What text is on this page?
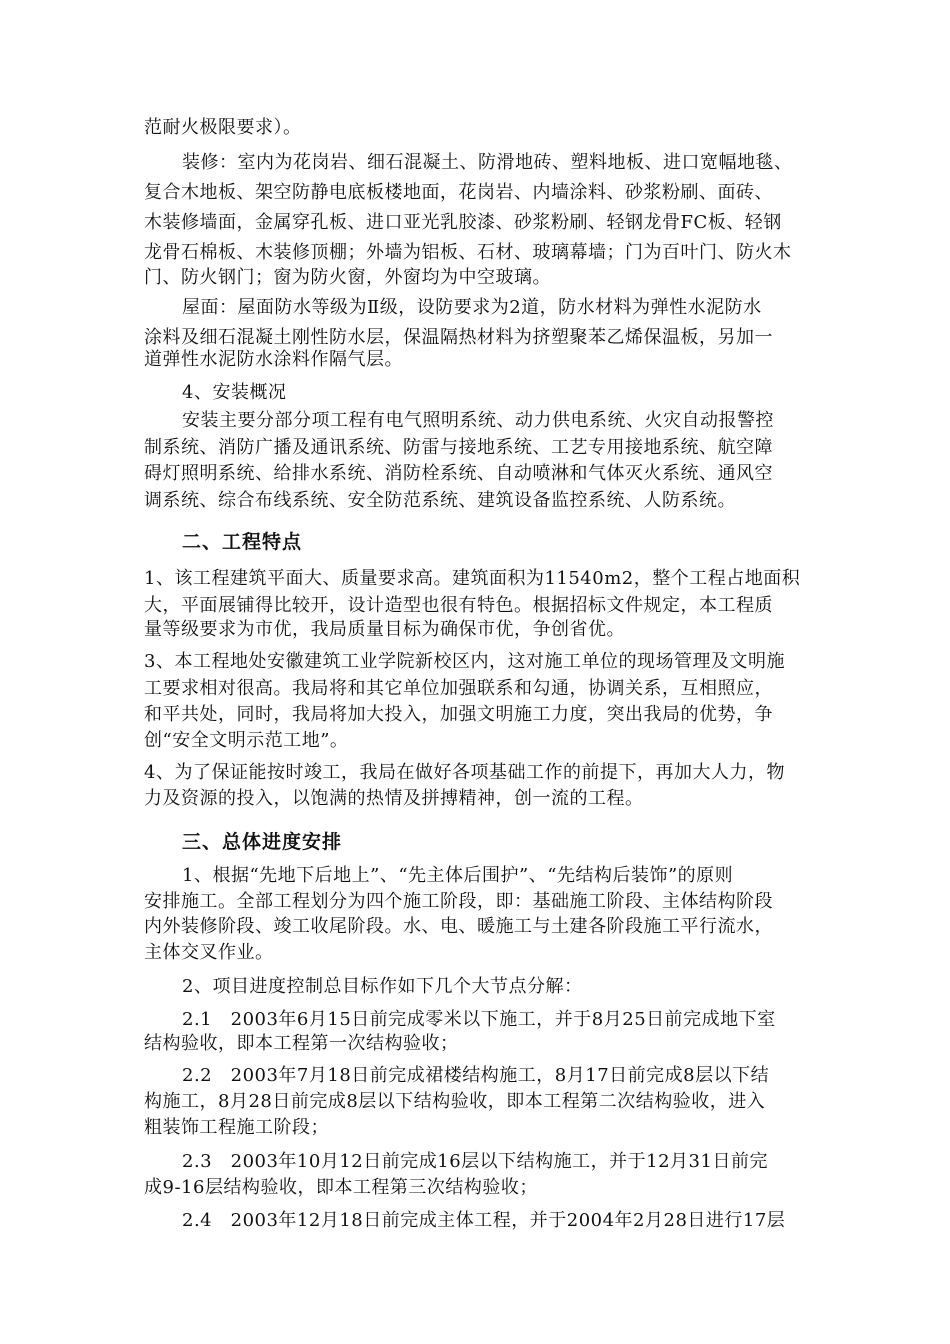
范耐火极限要求）。
装修：室内为花岗岩、细石混凝土、防滑地砖、塑料地板、进口宽幅地毯、
复合木地板、架空防静电底板楼地面，花岗岩、内墙涂料、砂浆粉刷、面砖、
木装修墙面，金属穿孔板、进口亚光乳胶漆、砂浆粉刷、轻钢龙骨FC板、轻钢
龙骨石棉板、木装修顶棚；外墙为铝板、石材、玻璃幕墙；门为百叶门、防火木
门、防火钢门；窗为防火窗，外窗均为中空玻璃。
屋面：屋面防水等级为Ⅱ级，设防要求为2道，防水材料为弹性水泥防水
涂料及细石混凝土刚性防水层，保温隔热材料为挤塑聚苯乙烯保温板，另加一
道弹性水泥防水涂料作隔气层。
4、安装概况
安装主要分部分项工程有电气照明系统、动力供电系统、火灾自动报警控
制系统、消防广播及通讯系统、防雷与接地系统、工艺专用接地系统、航空障
碍灯照明系统、给排水系统、消防栓系统、自动喷淋和气体灭火系统、通风空
调系统、综合布线系统、安全防范系统、建筑设备监控系统、人防系统。
二、工程特点
1、该工程建筑平面大、质量要求高。建筑面积为11540m2，整个工程占地面积
大，平面展铺得比较开，设计造型也很有特色。根据招标文件规定，本工程质
量等级要求为市优，我局质量目标为确保市优，争创省优。
3、本工程地处安徽建筑工业学院新校区内，这对施工单位的现场管理及文明施
工要求相对很高。我局将和其它单位加强联系和勾通，协调关系，互相照应，
和平共处，同时，我局将加大投入，加强文明施工力度，突出我局的优势，争
创“安全文明示范工地”。
4、为了保证能按时竣工，我局在做好各项基础工作的前提下，再加大人力，物
力及资源的投入，以饱满的热情及拼搏精神，创一流的工程。
三、总体进度安排
1、根据“先地下后地上”、“先主体后围护”、“先结构后装饰”的原则
安排施工。全部工程划分为四个施工阶段，即：基础施工阶段、主体结构阶段
内外装修阶段、竣工收尾阶段。水、电、暖施工与土建各阶段施工平行流水，
主体交叉作业。
2、项目进度控制总目标作如下几个大节点分解：
2.1　2003年6月15日前完成零米以下施工，并于8月25日前完成地下室
结构验收，即本工程第一次结构验收；
2.2　2003年7月18日前完成裙楼结构施工，8月17日前完成8层以下结
构施工，8月28日前完成8层以下结构验收，即本工程第二次结构验收，进入
粗装饰工程施工阶段；
2.3　2003年10月12日前完成16层以下结构施工，并于12月31日前完
成9-16层结构验收，即本工程第三次结构验收；
2.4　2003年12月18日前完成主体工程，并于2004年2月28日进行17层
